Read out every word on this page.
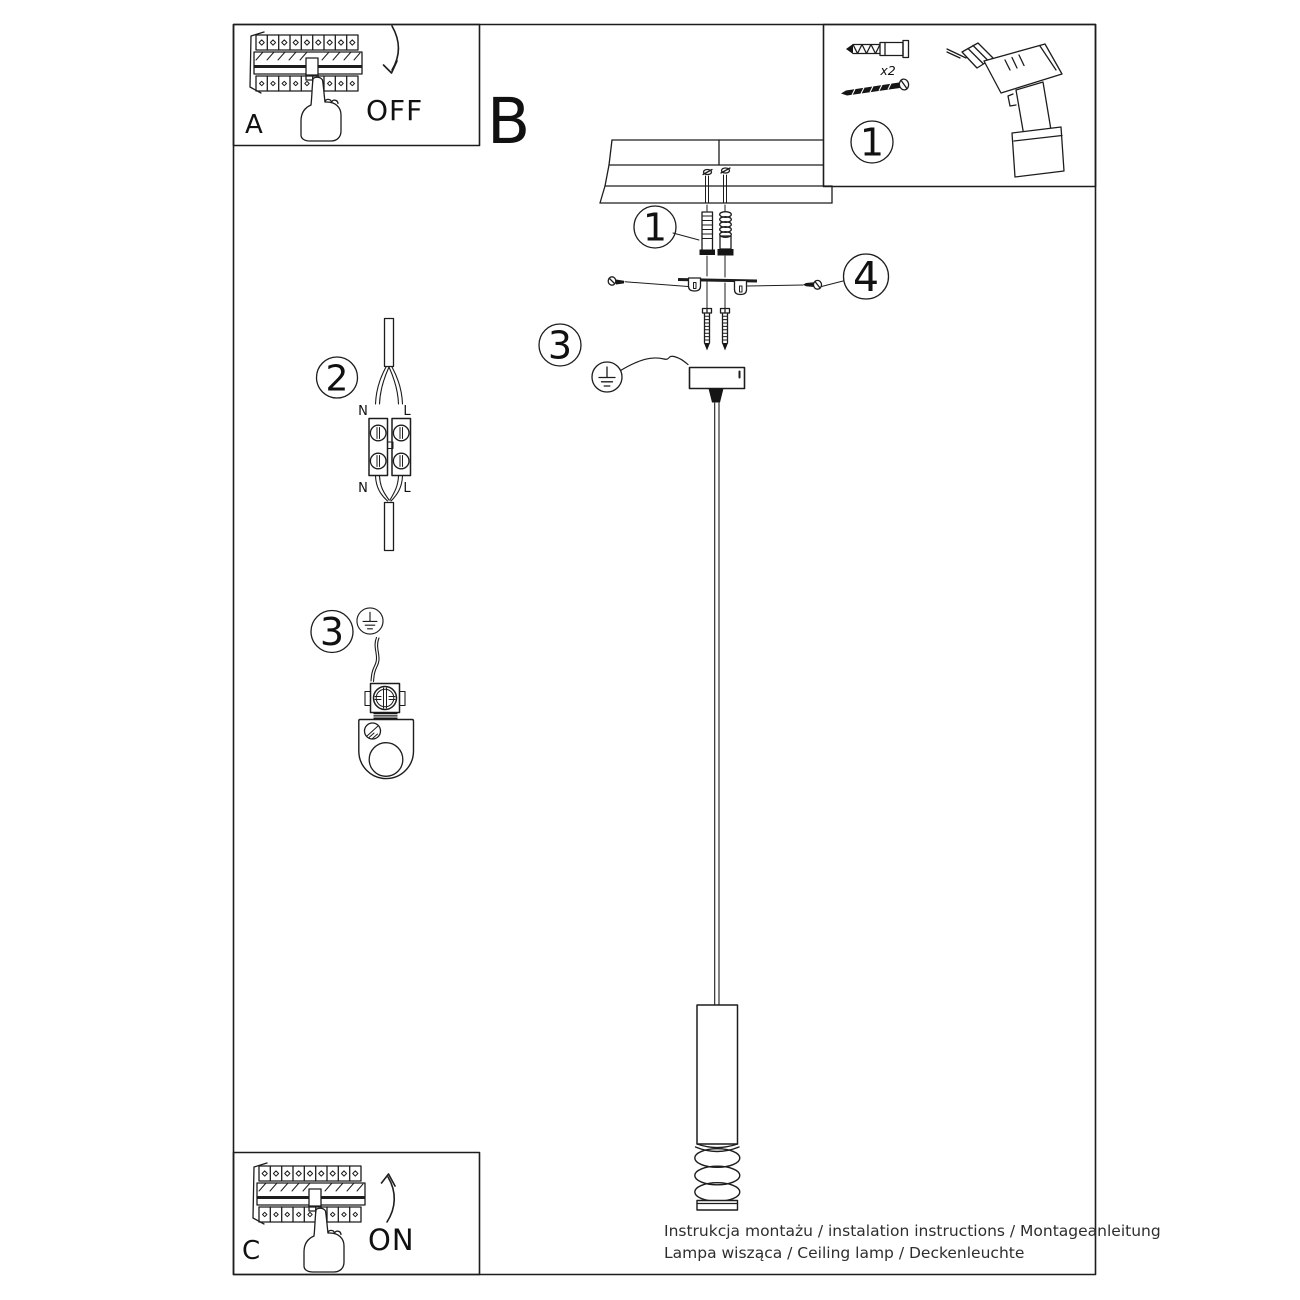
A	OFF B
x2
1
1
4
3
2
N	L
N	L
3
C	ON	Instrukcja montażu / instalation instructions / Montageanleitung
Lampa wisząca / Ceiling lamp / Deckenleuchte
